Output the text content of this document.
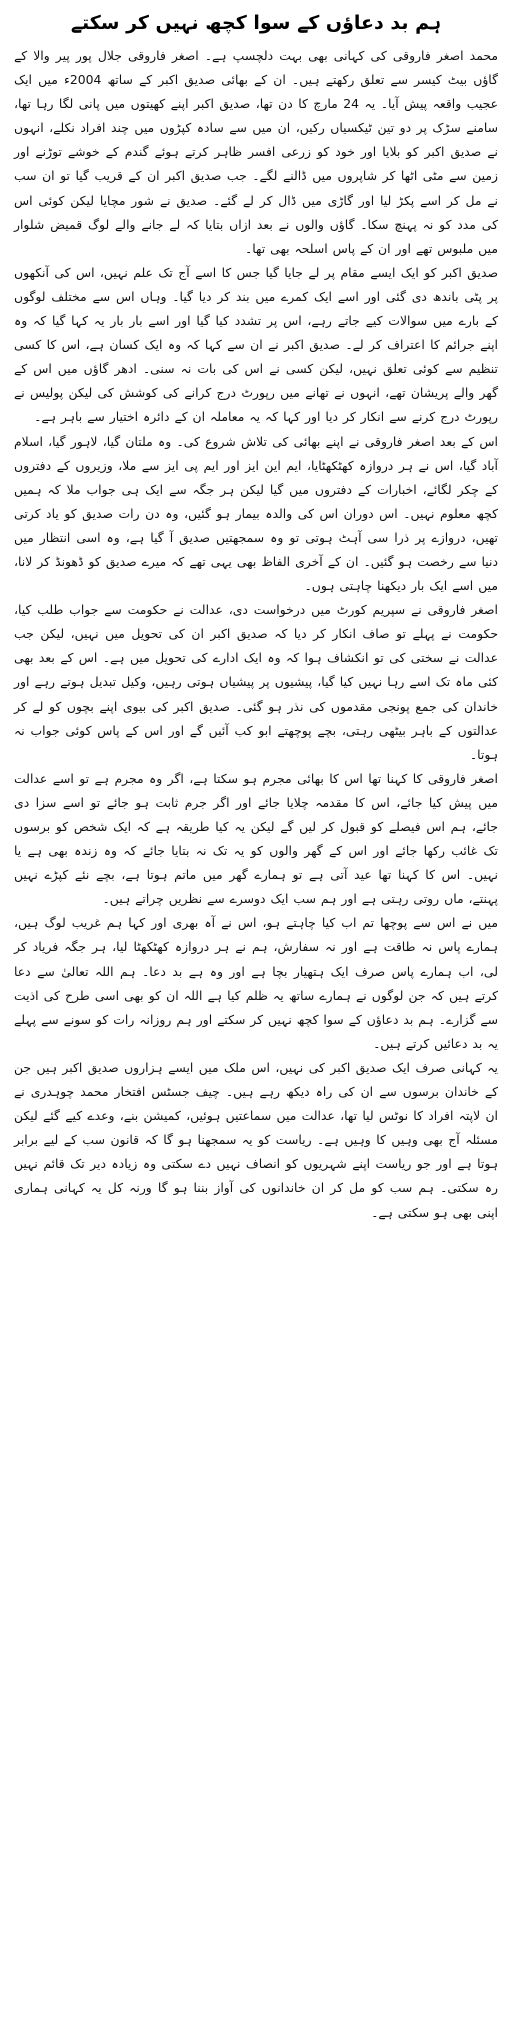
ہم بد دعاؤں کے سوا کچھ نہیں کر سکتے

محمد اصغر فاروقی کی کہانی بھی بہت دلچسپ ہے۔ اصغر فاروقی جلال پور پیر والا کے گاؤں بیٹ کیسر سے تعلق رکھتے ہیں۔ ان کے بھائی صدیق اکبر کے ساتھ 2004ء میں ایک عجیب واقعہ پیش آیا۔ یہ 24 مارچ کا دن تھا، صدیق اکبر اپنے کھیتوں میں پانی لگا رہا تھا، سامنے سڑک پر دو تین ٹیکسیاں رکیں، ان میں سے سادہ کپڑوں میں چند افراد نکلے، انہوں نے صدیق اکبر کو بلایا اور خود کو زرعی افسر ظاہر کرتے ہوئے گندم کے خوشے توڑنے اور زمین سے مٹی اٹھا کر شاپروں میں ڈالنے لگے۔ جب صدیق اکبر ان کے قریب گیا تو ان سب نے مل کر اسے پکڑ لیا اور گاڑی میں ڈال کر لے گئے۔ صدیق نے شور مچایا لیکن کوئی اس کی مدد کو نہ پہنچ سکا۔ گاؤں والوں نے بعد ازاں بتایا کہ لے جانے والے لوگ قمیض شلوار میں ملبوس تھے اور ان کے پاس اسلحہ بھی تھا۔

صدیق اکبر کو ایک ایسے مقام پر لے جایا گیا جس کا اسے آج تک علم نہیں، اس کی آنکھوں پر پٹی باندھ دی گئی اور اسے ایک کمرے میں بند کر دیا گیا۔ وہاں اس سے مختلف لوگوں کے بارے میں سوالات کیے جاتے رہے، اس پر تشدد کیا گیا اور اسے بار بار یہ کہا گیا کہ وہ اپنے جرائم کا اعتراف کر لے۔ صدیق اکبر نے ان سے کہا کہ وہ ایک کسان ہے، اس کا کسی تنظیم سے کوئی تعلق نہیں، لیکن کسی نے اس کی بات نہ سنی۔ ادھر گاؤں میں اس کے گھر والے پریشان تھے، انہوں نے تھانے میں رپورٹ درج کرانے کی کوشش کی لیکن پولیس نے رپورٹ درج کرنے سے انکار کر دیا اور کہا کہ یہ معاملہ ان کے دائرہ اختیار سے باہر ہے۔

اس کے بعد اصغر فاروقی نے اپنے بھائی کی تلاش شروع کی۔ وہ ملتان گیا، لاہور گیا، اسلام آباد گیا، اس نے ہر دروازہ کھٹکھٹایا، ایم این ایز اور ایم پی ایز سے ملا، وزیروں کے دفتروں کے چکر لگائے، اخبارات کے دفتروں میں گیا لیکن ہر جگہ سے ایک ہی جواب ملا کہ ہمیں کچھ معلوم نہیں۔ اس دوران اس کی والدہ بیمار ہو گئیں، وہ دن رات صدیق کو یاد کرتی تھیں، دروازے پر ذرا سی آہٹ ہوتی تو وہ سمجھتیں صدیق آ گیا ہے، وہ اسی انتظار میں دنیا سے رخصت ہو گئیں۔ ان کے آخری الفاظ بھی یہی تھے کہ میرے صدیق کو ڈھونڈ کر لانا، میں اسے ایک بار دیکھنا چاہتی ہوں۔

اصغر فاروقی نے سپریم کورٹ میں درخواست دی، عدالت نے حکومت سے جواب طلب کیا، حکومت نے پہلے تو صاف انکار کر دیا کہ صدیق اکبر ان کی تحویل میں نہیں، لیکن جب عدالت نے سختی کی تو انکشاف ہوا کہ وہ ایک ادارے کی تحویل میں ہے۔ اس کے بعد بھی کئی ماہ تک اسے رہا نہیں کیا گیا، پیشیوں پر پیشیاں ہوتی رہیں، وکیل تبدیل ہوتے رہے اور خاندان کی جمع پونجی مقدموں کی نذر ہو گئی۔ صدیق اکبر کی بیوی اپنے بچوں کو لے کر عدالتوں کے باہر بیٹھی رہتی، بچے پوچھتے ابو کب آئیں گے اور اس کے پاس کوئی جواب نہ ہوتا۔

اصغر فاروقی کا کہنا تھا اس کا بھائی مجرم ہو سکتا ہے، اگر وہ مجرم ہے تو اسے عدالت میں پیش کیا جائے، اس کا مقدمہ چلایا جائے اور اگر جرم ثابت ہو جائے تو اسے سزا دی جائے، ہم اس فیصلے کو قبول کر لیں گے لیکن یہ کیا طریقہ ہے کہ ایک شخص کو برسوں تک غائب رکھا جائے اور اس کے گھر والوں کو یہ تک نہ بتایا جائے کہ وہ زندہ بھی ہے یا نہیں۔ اس کا کہنا تھا عید آتی ہے تو ہمارے گھر میں ماتم ہوتا ہے، بچے نئے کپڑے نہیں پہنتے، ماں روتی رہتی ہے اور ہم سب ایک دوسرے سے نظریں چراتے ہیں۔

میں نے اس سے پوچھا تم اب کیا چاہتے ہو، اس نے آہ بھری اور کہا ہم غریب لوگ ہیں، ہمارے پاس نہ طاقت ہے اور نہ سفارش، ہم نے ہر دروازہ کھٹکھٹا لیا، ہر جگہ فریاد کر لی، اب ہمارے پاس صرف ایک ہتھیار بچا ہے اور وہ ہے بد دعا۔ ہم اللہ تعالیٰ سے دعا کرتے ہیں کہ جن لوگوں نے ہمارے ساتھ یہ ظلم کیا ہے اللہ ان کو بھی اسی طرح کی اذیت سے گزارے۔ ہم بد دعاؤں کے سوا کچھ نہیں کر سکتے اور ہم روزانہ رات کو سونے سے پہلے یہ بد دعائیں کرتے ہیں۔

یہ کہانی صرف ایک صدیق اکبر کی نہیں، اس ملک میں ایسے ہزاروں صدیق اکبر ہیں جن کے خاندان برسوں سے ان کی راہ دیکھ رہے ہیں۔ چیف جسٹس افتخار محمد چوہدری نے ان لاپتہ افراد کا نوٹس لیا تھا، عدالت میں سماعتیں ہوئیں، کمیشن بنے، وعدے کیے گئے لیکن مسئلہ آج بھی وہیں کا وہیں ہے۔ ریاست کو یہ سمجھنا ہو گا کہ قانون سب کے لیے برابر ہوتا ہے اور جو ریاست اپنے شہریوں کو انصاف نہیں دے سکتی وہ زیادہ دیر تک قائم نہیں رہ سکتی۔ ہم سب کو مل کر ان خاندانوں کی آواز بننا ہو گا ورنہ کل یہ کہانی ہماری اپنی بھی ہو سکتی ہے۔
